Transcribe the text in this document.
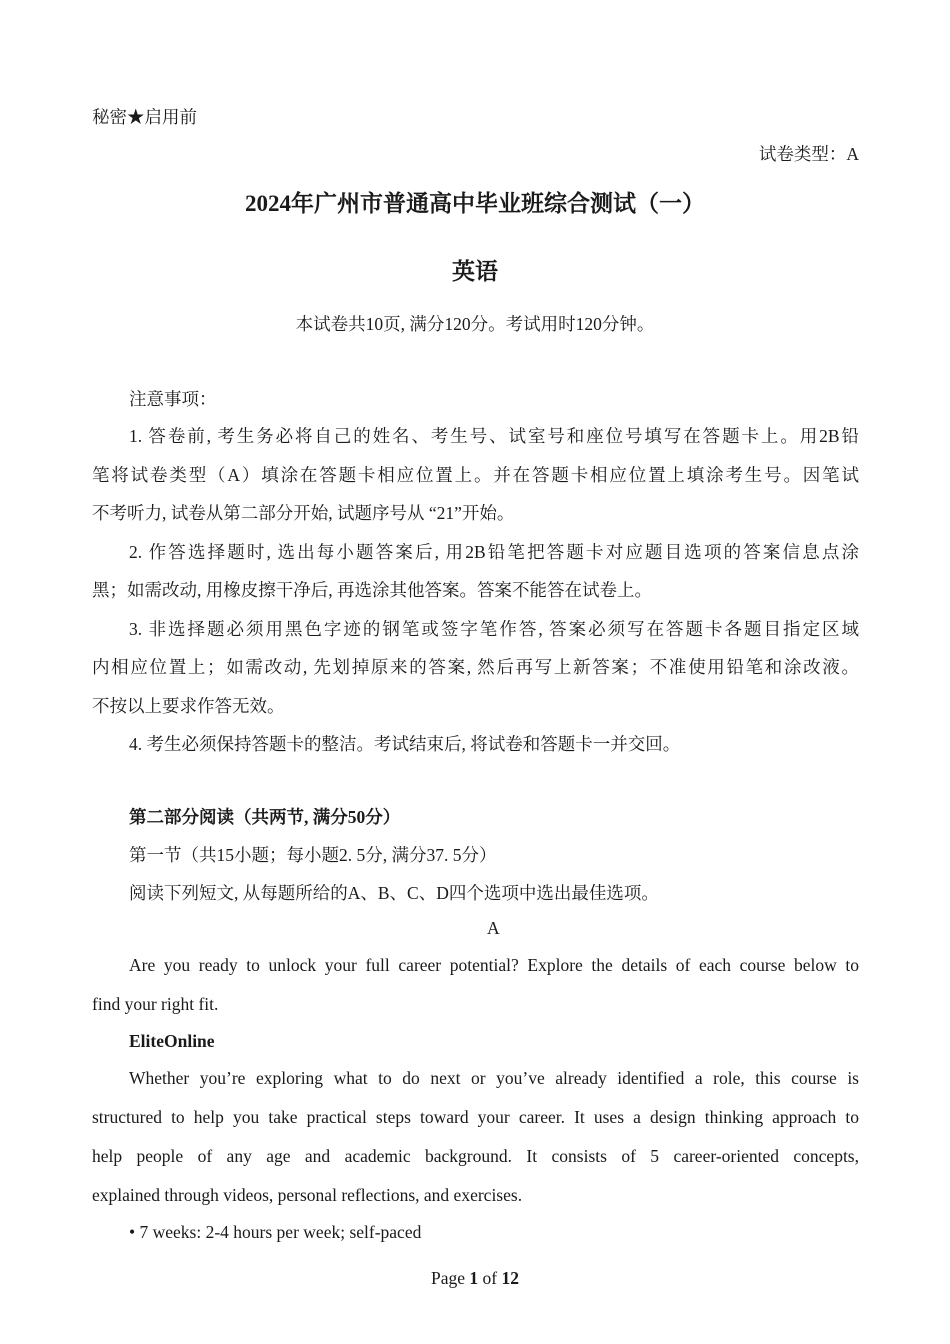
秘密★启用前
试卷类型：A
2024年广州市普通高中毕业班综合测试（一）
英语
本试卷共10页, 满分120分。考试用时120分钟。
注意事项：
1. 答卷前, 考生务必将自己的姓名、考生号、试室号和座位号填写在答题卡上。用2B铅
笔将试卷类型（A）填涂在答题卡相应位置上。并在答题卡相应位置上填涂考生号。因笔试
不考听力, 试卷从第二部分开始, 试题序号从 “21”开始。
2. 作答选择题时, 选出每小题答案后, 用2B铅笔把答题卡对应题目选项的答案信息点涂
黑；如需改动, 用橡皮擦干净后, 再选涂其他答案。答案不能答在试卷上。
3. 非选择题必须用黑色字迹的钢笔或签字笔作答, 答案必须写在答题卡各题目指定区域
内相应位置上；如需改动, 先划掉原来的答案, 然后再写上新答案；不准使用铅笔和涂改液。
不按以上要求作答无效。
4. 考生必须保持答题卡的整洁。考试结束后, 将试卷和答题卡一并交回。
第二部分阅读（共两节, 满分50分）
第一节（共15小题；每小题2. 5分, 满分37. 5分）
阅读下列短文, 从每题所给的A、B、C、D四个选项中选出最佳选项。
A
Are you ready to unlock your full career potential? Explore the details of each course below to
find your right fit.
EliteOnline
Whether you’re exploring what to do next or you’ve already identified a role, this course is
structured to help you take practical steps toward your career. It uses a design thinking approach to
help people of any age and academic background. It consists of 5 career-oriented concepts,
explained through videos, personal reflections, and exercises.
• 7 weeks: 2-4 hours per week; self-paced
Page 1 of 12
